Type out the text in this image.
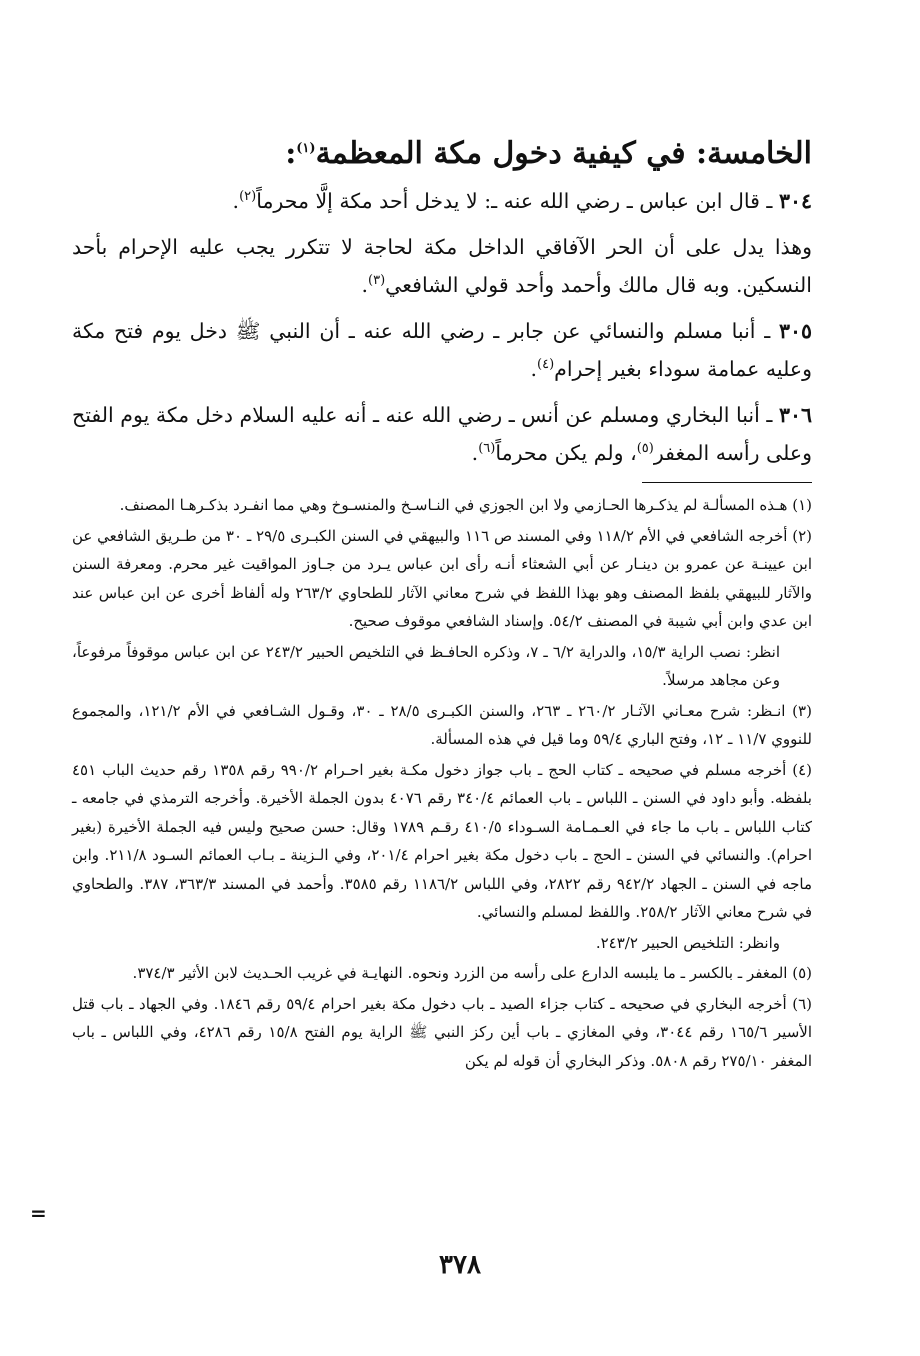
الخامسة: في كيفية دخول مكة المعظمة$^{(١)}$:

٣٠٤ ـ قال ابن عباس ـ رضي الله عنه ـ: لا يدخل أحد مكة إلَّا محرماً$^{(٢)}$.

وهذا يدل على أن الحر الآفاقي الداخل مكة لحاجة لا تتكرر يجب عليه الإحرام بأحد النسكين. وبه قال مالك وأحمد وأحد قولي الشافعي$^{(٣)}$.

٣٠٥ ـ أنبا مسلم والنسائي عن جابر ـ رضي الله عنه ـ أن النبي ﷺ دخل يوم فتح مكة وعليه عمامة سوداء بغير إحرام$^{(٤)}$.

٣٠٦ ـ أنبا البخاري ومسلم عن أنس ـ رضي الله عنه ـ أنه عليه السلام دخل مكة يوم الفتح وعلى رأسه المغفر$^{(٥)}$، ولم يكن محرماً$^{(٦)}$.

(١) هـذه المسألـة لم يذكـرها الحـازمي ولا ابن الجوزي في النـاسـخ والمنسـوخ وهي مما انفـرد بذكـرهـا المصنف.

(٢) أخرجه الشافعي في الأم ١١٨/٢ وفي المسند ص ١١٦ والبيهقي في السنن الكبـرى ٢٩/٥ ـ ٣٠ من طـريق الشافعي عن ابن عيينـة عن عمرو بن دينـار عن أبي الشعثاء أنـه رأى ابن عباس يـرد من جـاوز المواقيت غير محرم. ومعرفة السنن والآثار للبيهقي بلفظ المصنف وهو بهذا اللفظ في شرح معاني الآثار للطحاوي ٢٦٣/٢ وله ألفاظ أخرى عن ابن عباس عند ابن عدي وابن أبي شيبة في المصنف ٥٤/٢. وإسناد الشافعي موقوف صحيح.

انظر: نصب الراية ١٥/٣، والدراية ٦/٢ ـ ٧، وذكره الحافـظ في التلخيص الحبير ٢٤٣/٢ عن ابن عباس موقوفاً مرفوعاً، وعن مجاهد مرسلاً.

(٣) انـظر: شرح معـاني الآثـار ٢٦٠/٢ ـ ٢٦٣، والسنن الكبـرى ٢٨/٥ ـ ٣٠، وقـول الشـافعي في الأم ١٢١/٢، والمجموع للنووي ١١/٧ ـ ١٢، وفتح الباري ٥٩/٤ وما قيل في هذه المسألة.

(٤) أخرجه مسلم في صحيحه ـ كتاب الحج ـ باب جواز دخول مكـة بغير احـرام ٩٩٠/٢ رقم ١٣٥٨ رقم حديث الباب ٤٥١ بلفظه. وأبو داود في السنن ـ اللباس ـ باب العمائم ٣٤٠/٤ رقم ٤٠٧٦ بدون الجملة الأخيرة. وأخرجه الترمذي في جامعه ـ كتاب اللباس ـ باب ما جاء في العـمـامة السـوداء ٤١٠/٥ رقـم ١٧٨٩ وقال: حسن صحيح وليس فيه الجملة الأخيرة (بغير احرام). والنسائي في السنن ـ الحج ـ باب دخول مكة بغير احرام ٢٠١/٤، وفي الـزينة ـ بـاب العمائم السـود ٢١١/٨. وابن ماجه في السنن ـ الجهاد ٩٤٢/٢ رقم ٢٨٢٢، وفي اللباس ١١٨٦/٢ رقم ٣٥٨٥. وأحمد في المسند ٣٦٣/٣، ٣٨٧. والطحاوي في شرح معاني الآثار ٢٥٨/٢. واللفظ لمسلم والنسائي.

وانظر: التلخيص الحبير ٢٤٣/٢.

(٥) المغفر ـ بالكسر ـ ما يلبسه الدارع على رأسه من الزرد ونحوه. النهايـة في غريب الحـديث لابن الأثير ٣٧٤/٣.

(٦) أخرجه البخاري في صحيحه ـ كتاب جزاء الصيد ـ باب دخول مكة بغير احرام ٥٩/٤ رقم ١٨٤٦. وفي الجهاد ـ باب قتل الأسير ١٦٥/٦ رقم ٣٠٤٤، وفي المغازي ـ باب أين ركز النبي ﷺ الراية يوم الفتح ١٥/٨ رقم ٤٢٨٦، وفي اللباس ـ باب المغفر ٢٧٥/١٠ رقم ٥٨٠٨. وذكر البخاري أن قوله لم يكن

=
٣٧٨
